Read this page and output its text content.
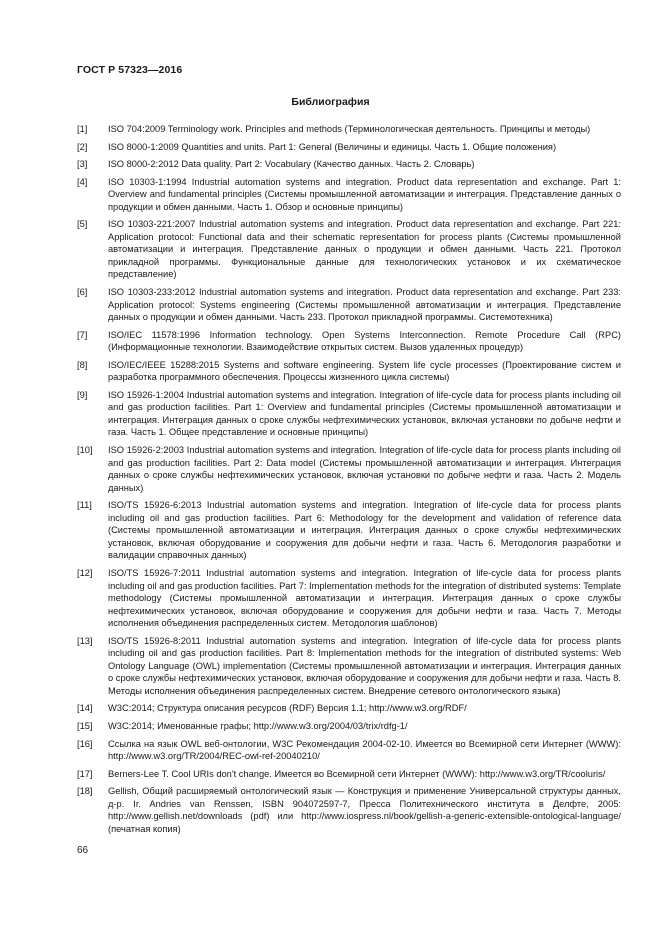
ГОСТ Р 57323—2016
Библиография
[1]	ISO 704:2009 Terminology work. Principles and methods (Терминологическая деятельность. Принципы и методы)
[2]	ISO 8000-1:2009 Quantities and units. Part 1: General (Величины и единицы. Часть 1. Общие положения)
[3]	ISO 8000-2:2012 Data quality. Part 2: Vocabulary (Качество данных. Часть 2. Словарь)
[4]	ISO 10303-1:1994 Industrial automation systems and integration. Product data representation and exchange. Part 1: Overview and fundamental principles (Системы промышленной автоматизации и интеграция. Представление данных о продукции и обмен данными. Часть 1. Обзор и основные принципы)
[5]	ISO 10303-221:2007 Industrial automation systems and integration. Product data representation and exchange. Part 221: Application protocol: Functional data and their schematic representation for process plants (Системы промышленной автоматизации и интеграция. Представление данных о продукции и обмен данными. Часть 221. Протокол прикладной программы. Функциональные данные для технологических установок и их схематическое представление)
[6]	ISO 10303-233:2012 Industrial automation systems and integration. Product data representation and exchange. Part 233: Application protocol: Systems engineering (Системы промышленной автоматизации и интеграция. Представление данных о продукции и обмен данными. Часть 233. Протокол прикладной программы. Системотехника)
[7]	ISO/IEC 11578:1996 Information technology. Open Systems Interconnection. Remote Procedure Call (RPC) (Информационные технологии. Взаимодействие открытых систем. Вызов удаленных процедур)
[8]	ISO/IEC/IEEE 15288:2015 Systems and software engineering. System life cycle processes (Проектирование систем и разработка программного обеспечения. Процессы жизненного цикла системы)
[9]	ISO 15926-1:2004 Industrial automation systems and integration. Integration of life-cycle data for process plants including oil and gas production facilities. Part 1: Overview and fundamental principles (Системы промышленной автоматизации и интеграция. Интеграция данных о сроке службы нефтехимических установок, включая установки по добыче нефти и газа. Часть 1. Общее представление и основные принципы)
[10]	ISO 15926-2:2003 Industrial automation systems and integration. Integration of life-cycle data for process plants including oil and gas production facilities. Part 2: Data model (Системы промышленной автоматизации и интеграция. Интеграция данных о сроке службы нефтехимических установок, включая установки по добыче нефти и газа. Часть 2. Модель данных)
[11]	ISO/TS 15926-6:2013 Industrial automation systems and integration. Integration of life-cycle data for process plants including oil and gas production facilities. Part 6: Methodology for the development and validation of reference data (Системы промышленной автоматизации и интеграция. Интеграция данных о сроке службы нефтехимических установок, включая оборудование и сооружения для добычи нефти и газа. Часть 6. Методология разработки и валидации справочных данных)
[12]	ISO/TS 15926-7:2011 Industrial automation systems and integration. Integration of life-cycle data for process plants including oil and gas production facilities. Part 7: Implementation methods for the integration of distributed systems: Template methodology (Системы промышленной автоматизации и интеграция. Интеграция данных о сроке службы нефтехимических установок, включая оборудование и сооружения для добычи нефти и газа. Часть 7. Методы исполнения объединения распределенных систем. Методология шаблонов)
[13]	ISO/TS 15926-8:2011 Industrial automation systems and integration. Integration of life-cycle data for process plants including oil and gas production facilities. Part 8: Implementation methods for the integration of distributed systems: Web Ontology Language (OWL) implementation (Системы промышленной автоматизации и интеграция. Интеграция данных о сроке службы нефтехимических установок, включая оборудование и сооружения для добычи нефти и газа. Часть 8. Методы исполнения объединения распределенных систем. Внедрение сетевого онтологического языка)
[14]	W3C:2014; Структура описания ресурсов (RDF) Версия 1.1; http://www.w3.org/RDF/
[15]	W3C:2014; Именованные графы; http://www.w3.org/2004/03/trix/rdfg-1/
[16]	Ссылка на язык OWL веб-онтологии, W3C Рекомендация 2004-02-10. Имеется во Всемирной сети Интернет (WWW): http://www.w3.org/TR/2004/REC-owl-ref-20040210/
[17]	Berners-Lee T. Cool URIs don't change. Имеется во Всемирной сети Интернет (WWW): http://www.w3.org/TR/cooluris/
[18]	Gellish, Общий расширяемый онтологический язык — Конструкция и применение Универсальной структуры данных, д-р. Ir. Andries van Renssen, ISBN 904072597-7, Пресса Политехнического института в Делфте, 2005: http://www.gellish.net/downloads (pdf) или http://www.iospress.nl/book/gellish-a-generic-extensible-ontological-language/ (печатная копия)
66
